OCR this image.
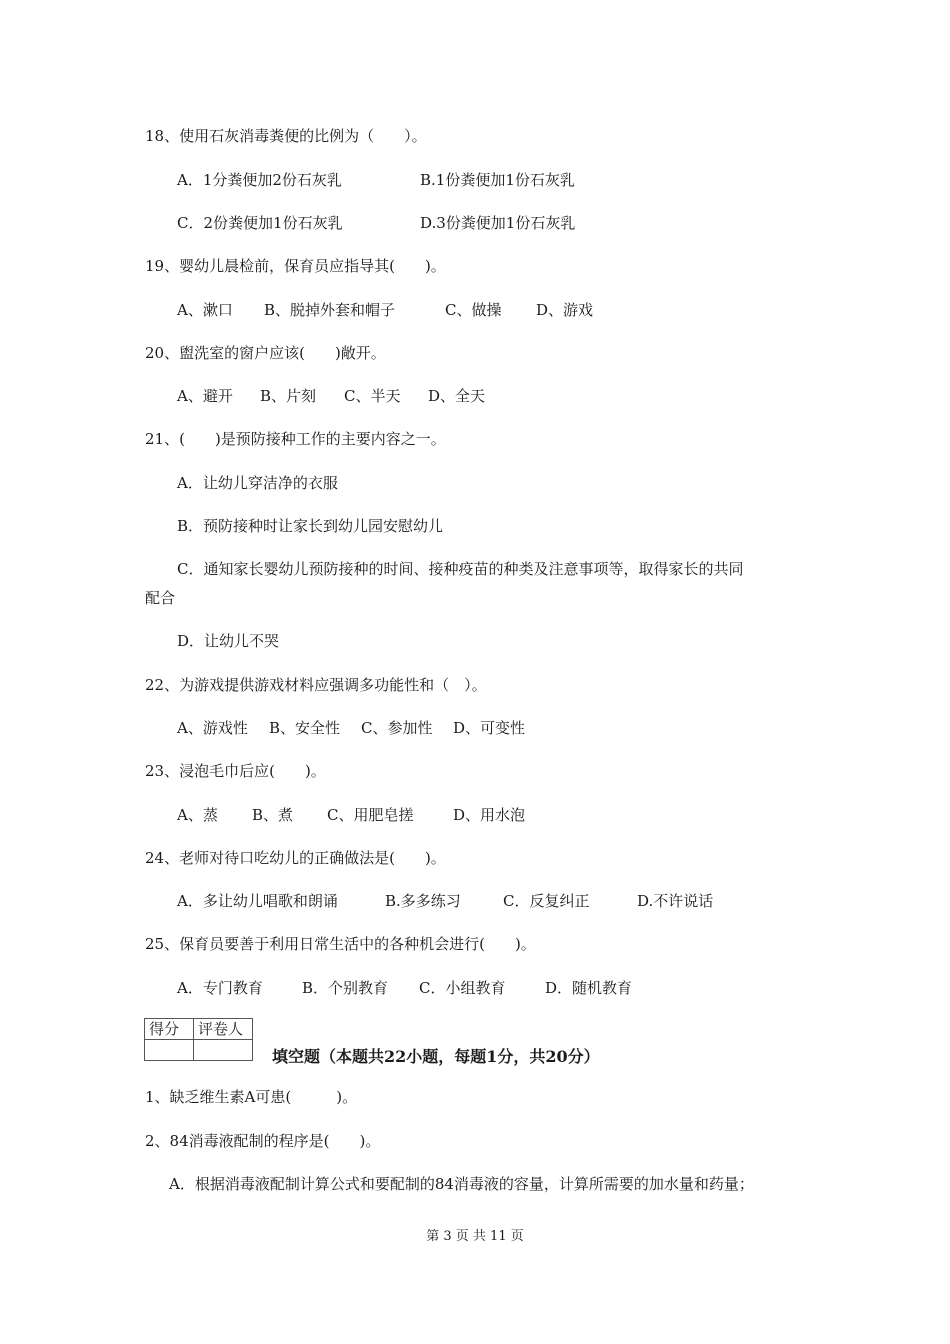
18、使用石灰消毒粪便的比例为（　　）。
A．1分粪便加2份石灰乳	B.1份粪便加1份石灰乳
C．2份粪便加1份石灰乳	D.3份粪便加1份石灰乳
19、婴幼儿晨检前，保育员应指导其(　　)。
A、漱口 B、脱掉外套和帽子	C、做操 D、游戏
20、盥洗室的窗户应该(　　)敞开。
A、避开 B、片刻 C、半天 D、全天
21、(　　)是预防接种工作的主要内容之一。
A．让幼儿穿洁净的衣服
B．预防接种时让家长到幼儿园安慰幼儿
C．通知家长婴幼儿预防接种的时间、接种疫苗的种类及注意事项等，取得家长的共同
配合
D．让幼儿不哭
22、为游戏提供游戏材料应强调多功能性和（　）。
A、游戏性 B、安全性 C、参加性 D、可变性
23、浸泡毛巾后应(　　)。
A、蒸 B、煮 C、用肥皂搓	D、用水泡
24、老师对待口吃幼儿的正确做法是(　　)。
A．多让幼儿唱歌和朗诵	B.多多练习	C．反复纠正	D.不许说话
25、保育员要善于利用日常生活中的各种机会进行(　　)。
A．专门教育	B．个别教育 C．小组教育	D．随机教育
得分	评卷人

填空题（本题共22小题，每题1分，共20分）
1、缺乏维生素A可患(　　　)。
2、84消毒液配制的程序是(　　)。
A．根据消毒液配制计算公式和要配制的84消毒液的容量，计算所需要的加水量和药量；
第 3 页 共 11 页
